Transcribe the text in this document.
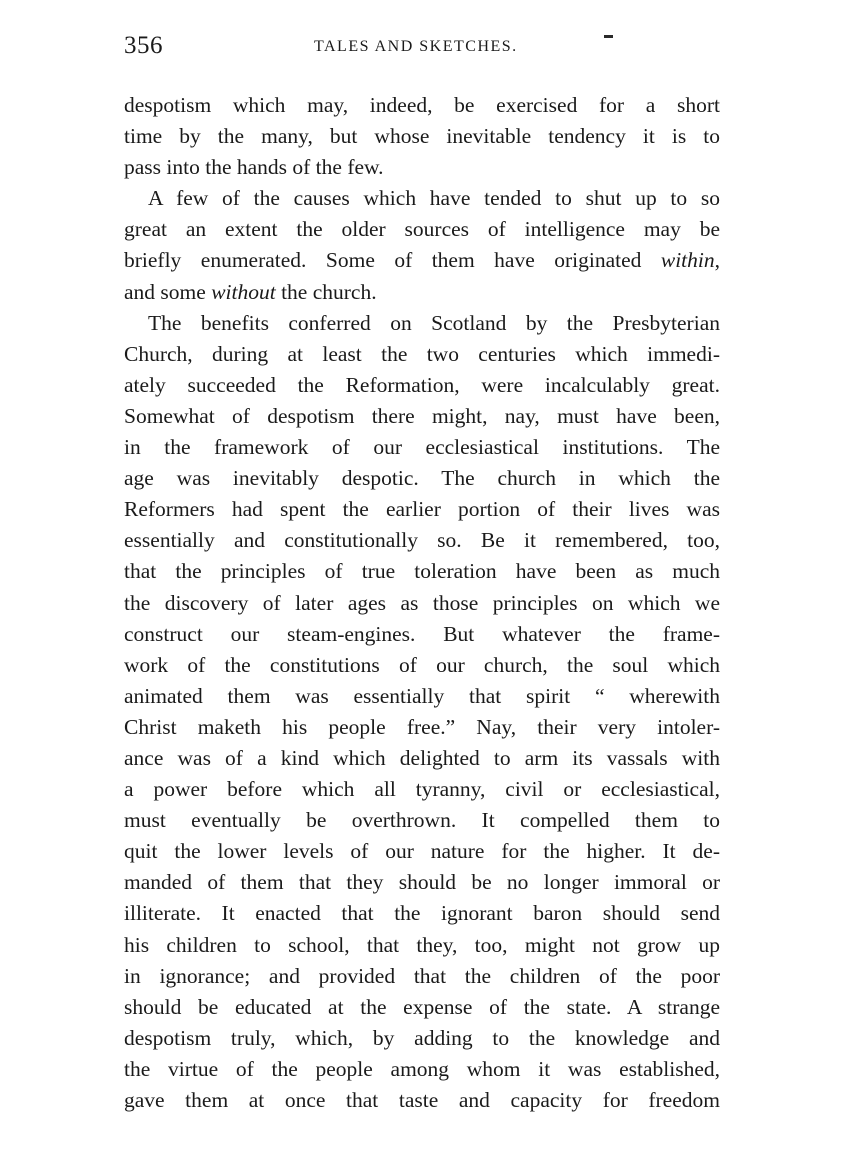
356	TALES AND SKETCHES.
despotism which may, indeed, be exercised for a short
time by the many, but whose inevitable tendency it is to
pass into the hands of the few.
A few of the causes which have tended to shut up to so
great an extent the older sources of intelligence may be
briefly enumerated. Some of them have originated within,
and some without the church.
The benefits conferred on Scotland by the Presbyterian
Church, during at least the two centuries which immedi-
ately succeeded the Reformation, were incalculably great.
Somewhat of despotism there might, nay, must have been,
in the framework of our ecclesiastical institutions. The
age was inevitably despotic. The church in which the
Reformers had spent the earlier portion of their lives was
essentially and constitutionally so. Be it remembered, too,
that the principles of true toleration have been as much
the discovery of later ages as those principles on which we
construct our steam-engines. But whatever the frame-
work of the constitutions of our church, the soul which
animated them was essentially that spirit “ wherewith
Christ maketh his people free.” Nay, their very intoler-
ance was of a kind which delighted to arm its vassals with
a power before which all tyranny, civil or ecclesiastical,
must eventually be overthrown. It compelled them to
quit the lower levels of our nature for the higher. It de-
manded of them that they should be no longer immoral or
illiterate. It enacted that the ignorant baron should send
his children to school, that they, too, might not grow up
in ignorance; and provided that the children of the poor
should be educated at the expense of the state. A strange
despotism truly, which, by adding to the knowledge and
the virtue of the people among whom it was established,
gave them at once that taste and capacity for freedom
